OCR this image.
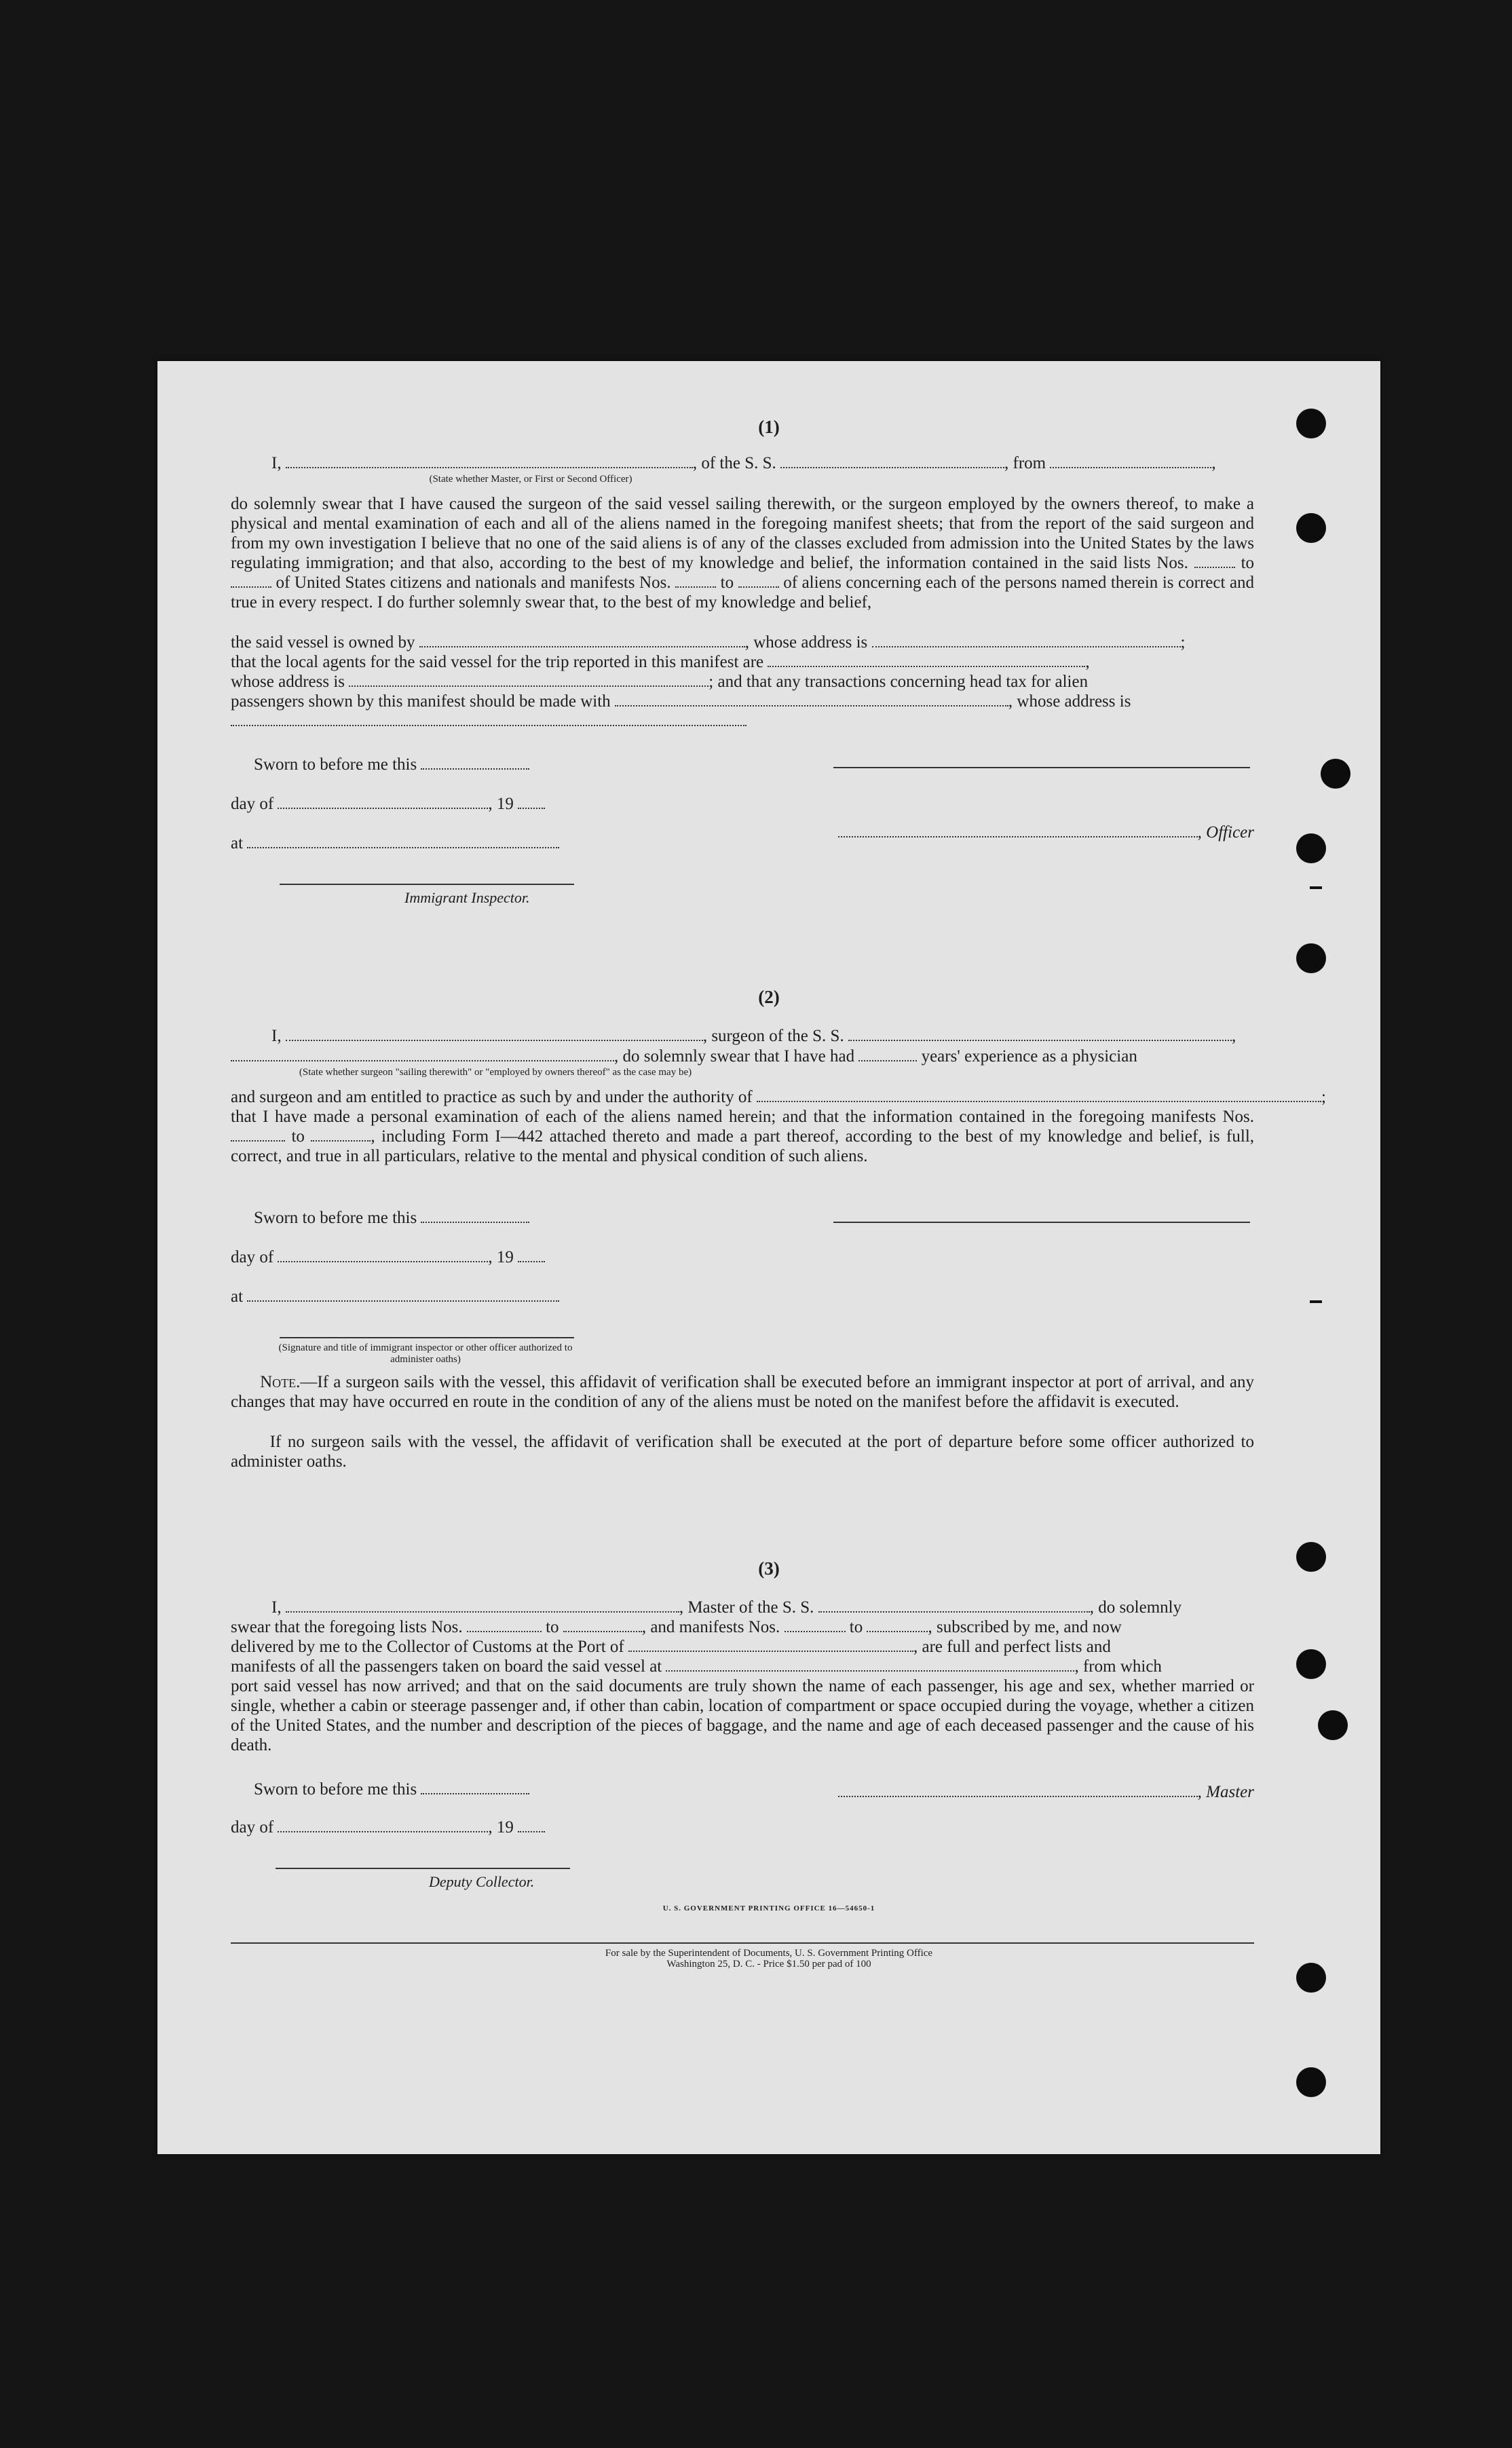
(1)
I,	, of the S. S.	, from	,
(State whether Master, or First or Second Officer)
do solemnly swear that I have caused the surgeon of the said vessel sailing therewith, or the surgeon employed by the owners thereof, to make a physical and mental examination of each and all of the aliens named in the foregoing manifest sheets; that from the report of the said surgeon and from my own investigation I believe that no one of the said aliens is of any of the classes excluded from admission into the United States by the laws regulating immigration; and that also, according to the best of my knowledge and belief, the information contained in the said lists Nos.	to  of United States citizens and nationals and manifests Nos.	to	of aliens concerning each of the persons named therein is correct and true in every respect. I do further solemnly swear that, to the best of my knowledge and belief,
the said vessel is owned by	, whose address is	;
that the local agents for the said vessel for the trip reported in this manifest are	,
whose address is	; and that any transactions concerning head tax for alien
passengers shown by this manifest should be made with	, whose address is
Sworn to before me this
day of	, 19
, Officer
at
Immigrant Inspector.
(2)
I,	, surgeon of the S. S.	,
, do solemnly swear that I have had	years' experience as a physician
(State whether surgeon "sailing therewith" or "employed by owners thereof" as the case may be)
and surgeon and am entitled to practice as such by and under the authority of	;
that I have made a personal examination of each of the aliens named herein; and that the information contained in the foregoing manifests Nos.  to	, including Form I—442 attached thereto and made a part thereof, according to the best of my knowledge and belief, is full, correct, and true in all particulars, relative to the mental and physical condition of such aliens.
Sworn to before me this
day of	, 19
at
(Signature and title of immigrant inspector or other officer authorized to administer oaths)
Note.—If a surgeon sails with the vessel, this affidavit of verification shall be executed before an immigrant inspector at port of arrival, and any changes that may have occurred en route in the condition of any of the aliens must be noted on the manifest before the affidavit is executed.
If no surgeon sails with the vessel, the affidavit of verification shall be executed at the port of departure before some officer authorized to administer oaths.
(3)
I,	, Master of the S. S.	, do solemnly
swear that the foregoing lists Nos.	to	, and manifests Nos.	to	, subscribed by me, and now
delivered by me to the Collector of Customs at the Port of	, are full and perfect lists and
manifests of all the passengers taken on board the said vessel at	, from which
port said vessel has now arrived; and that on the said documents are truly shown the name of each passenger, his age and sex, whether married or single, whether a cabin or steerage passenger and, if other than cabin, location of compartment or space occupied during the voyage, whether a citizen of the United States, and the number and description of the pieces of baggage, and the name and age of each deceased passenger and the cause of his death.
Sworn to before me this	, Master
day of	, 19
Deputy Collector.
U. S. GOVERNMENT PRINTING OFFICE 16—54650-1
For sale by the Superintendent of Documents, U. S. Government Printing Office
Washington 25, D. C. - Price $1.50 per pad of 100
